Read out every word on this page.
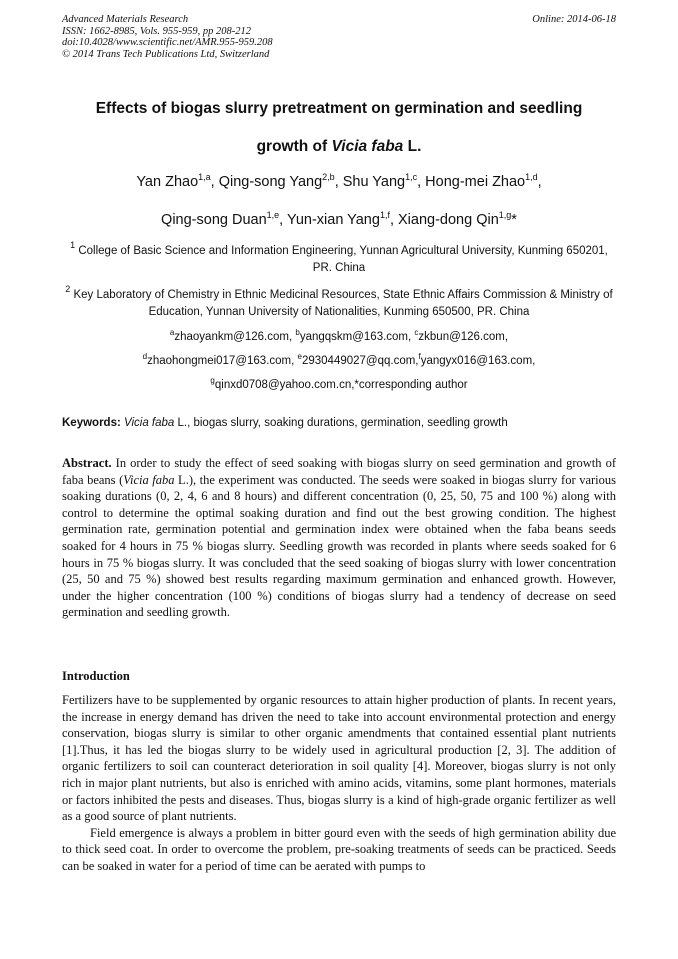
Advanced Materials Research
ISSN: 1662-8985, Vols. 955-959, pp 208-212
doi:10.4028/www.scientific.net/AMR.955-959.208
© 2014 Trans Tech Publications Ltd, Switzerland
Online: 2014-06-18
Effects of biogas slurry pretreatment on germination and seedling
growth of Vicia faba L.
Yan Zhao$^{1,a}$, Qing-song Yang$^{2,b}$, Shu Yang$^{1,c}$, Hong-mei Zhao$^{1,d}$,
Qing-song Duan$^{1,e}$, Yun-xian Yang$^{1,f}$, Xiang-dong Qin$^{1,g}$*
$^1$ College of Basic Science and Information Engineering, Yunnan Agricultural University, Kunming 650201, PR. China
$^2$ Key Laboratory of Chemistry in Ethnic Medicinal Resources, State Ethnic Affairs Commission & Ministry of Education, Yunnan University of Nationalities, Kunming 650500, PR. China
$^a$zhaoyankm@126.com, $^b$yangqskm@163.com, $^c$zkbun@126.com,
$^d$zhaohongmei017@163.com, $^e$2930449027@qq.com,$^f$yangyx016@163.com,
$^g$qinxd0708@yahoo.com.cn,*corresponding author
Keywords: Vicia faba L., biogas slurry, soaking durations, germination, seedling growth
Abstract. In order to study the effect of seed soaking with biogas slurry on seed germination and growth of faba beans (Vicia faba L.), the experiment was conducted. The seeds were soaked in biogas slurry for various soaking durations (0, 2, 4, 6 and 8 hours) and different concentration (0, 25, 50, 75 and 100 %) along with control to determine the optimal soaking duration and find out the best growing condition. The highest germination rate, germination potential and germination index were obtained when the faba beans seeds soaked for 4 hours in 75 % biogas slurry. Seedling growth was recorded in plants where seeds soaked for 6 hours in 75 % biogas slurry. It was concluded that the seed soaking of biogas slurry with lower concentration (25, 50 and 75 %) showed best results regarding maximum germination and enhanced growth. However, under the higher concentration (100 %) conditions of biogas slurry had a tendency of decrease on seed germination and seedling growth.
Introduction

Fertilizers have to be supplemented by organic resources to attain higher production of plants. In recent years, the increase in energy demand has driven the need to take into account environmental protection and energy conservation, biogas slurry is similar to other organic amendments that contained essential plant nutrients [1].Thus, it has led the biogas slurry to be widely used in agricultural production [2, 3]. The addition of organic fertilizers to soil can counteract deterioration in soil quality [4]. Moreover, biogas slurry is not only rich in major plant nutrients, but also is enriched with amino acids, vitamins, some plant hormones, materials or factors inhibited the pests and diseases. Thus, biogas slurry is a kind of high-grade organic fertilizer as well as a good source of plant nutrients.

Field emergence is always a problem in bitter gourd even with the seeds of high germination ability due to thick seed coat. In order to overcome the problem, pre-soaking treatments of seeds can be practiced. Seeds can be soaked in water for a period of time can be aerated with pumps to
